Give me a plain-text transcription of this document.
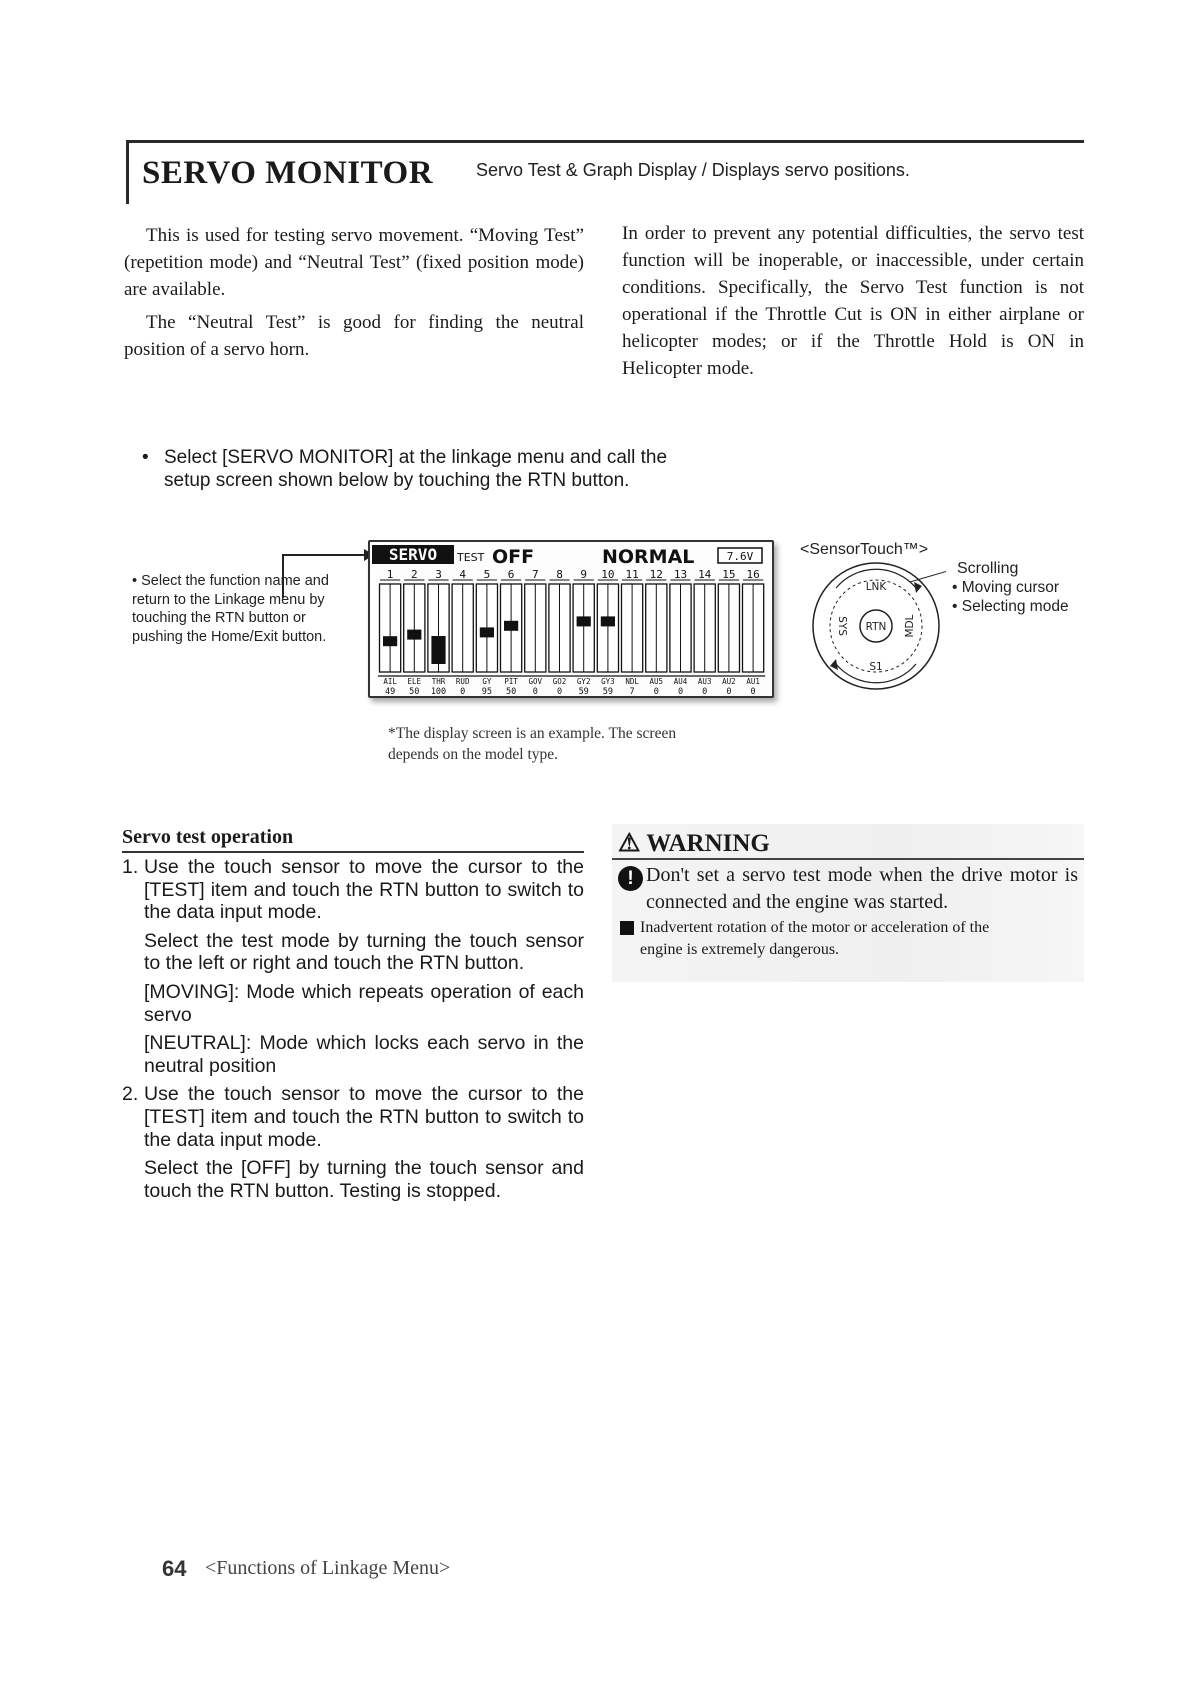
SERVO MONITOR Servo Test & Graph Display / Displays servo positions.

This is used for testing servo movement. “Moving Test” (repetition mode) and “Neutral Test” (fixed position mode) are available.

The “Neutral Test” is good for finding the neutral position of a servo horn.

In order to prevent any potential difficulties, the servo test function will be inoperable, or inaccessible, under certain conditions. Specifically, the Servo Test function is not operational if the Throttle Cut is ON in either airplane or helicopter modes; or if the Throttle Hold is ON in Helicopter mode.

• Select [SERVO MONITOR] at the linkage menu and call the setup screen shown below by touching the RTN button.
• Select the function name and return to the Linkage menu by touching the RTN button or pushing the Home/Exit button.
SERVO TEST OFF	NORMAL	7.6V
1 2 3 4 5 6 7 8 9 10 11 12 13 14 15 16
AIL ELE THR RUD GY PIT GOV GO2 GY2 GY3 NDL AU5 AU4 AU3 AU2 AU1
49 50 100 0 95 50 0 0 59 59 7 0 0 0 0 0
<SensorTouch™>
RTN
LNK
S1
SYS	MDL
Scrolling
• Moving cursor
• Selecting mode
*The display screen is an example. The screen
depends on the model type.
Servo test operation
1. Use the touch sensor to move the cursor to the [TEST] item and touch the RTN button to switch to the data input mode.

Select the test mode by turning the touch sensor to the left or right and touch the RTN button.

[MOVING]: Mode which repeats operation of each servo

[NEUTRAL]: Mode which locks each servo in the neutral position

2. Use the touch sensor to move the cursor to the [TEST] item and touch the RTN button to switch to the data input mode.

Select the [OFF] by turning the touch sensor and touch the RTN button. Testing is stopped.

⚠ WARNING
! Don't set a servo test mode when the drive motor is connected and the engine was started.
Inadvertent rotation of the motor or acceleration of the
engine is extremely dangerous.
64 <Functions of Linkage Menu>
